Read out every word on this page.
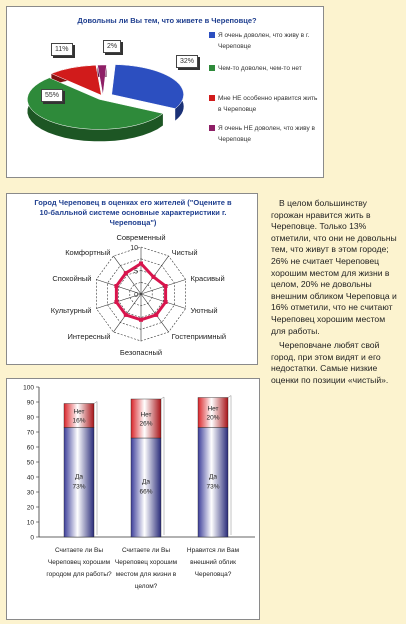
Довольны ли Вы тем, что живете в Череповце?
11%	2%
32%
55%
Я очень доволен, что живу в г. Череповце
Чем-то доволен, чем-то нет
Мне НЕ особенно нравится жить в Череповце
Я очень НЕ доволен, что живу в Череповце
Город Череповец в оценках его жителей ("Оцените в 10-балльной системе основные характеристики г. Череповца")
0
5
10
Современный
Чистый
Красивый
Уютный
Гостеприимный
Безопасный
Интересный
Культурный
Спокойный
Комфортный
0
10
20
30
40
50
60
70
80
90
100
Нет
16%
Да
73%
Нет
26%
Да
66%
Нет
20%
Да
73%
Считаете ли Вы
Череповец хорошим
городом для работы?
Считаете ли Вы
Череповец хорошим
местом для жизни в
целом?
Нравится ли Вам
внешний облик
Череповца?

В целом большинству горожан нравится жить в Череповце. Только 13% отметили, что они не довольны тем, что живут в этом городе; 26% не считает Череповец хорошим местом для жизни в целом, 20% не довольны внешним обликом Череповца и 16% отметили, что не считают Череповец хорошим местом для работы.

Череповчане любят свой город, при этом видят и его недостатки. Самые низкие оценки по позиции «чистый».
